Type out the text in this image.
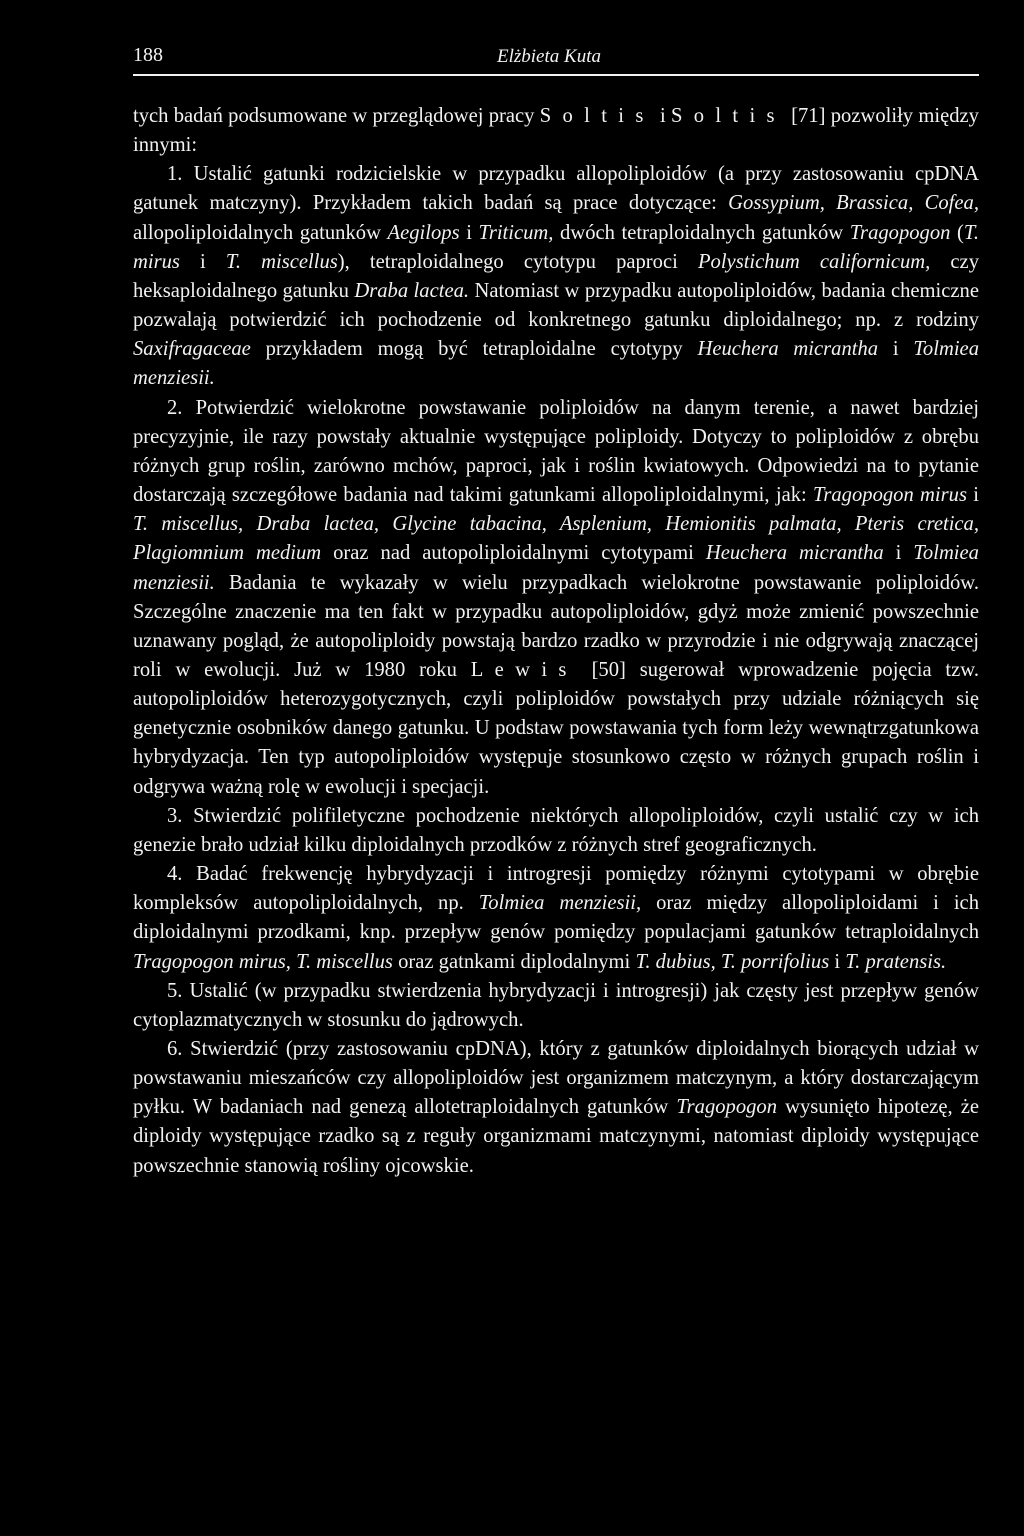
188	Elżbieta Kuta

tych badań podsumowane w przeglądowej pracy Soltis i Soltis [71] pozwoliły między innymi:

1. Ustalić gatunki rodzicielskie w przypadku allopoliploidów (a przy zastosowaniu cpDNA gatunek matczyny). Przykładem takich badań są prace dotyczące: Gossypium, Brassica, Cofea, allopoliploidalnych gatunków Aegilops i Triticum, dwóch tetraploidalnych gatunków Tragopogon (T. mirus i T. miscellus), tetraploidalnego cytotypu paproci Polystichum californicum, czy heksaploidalnego gatunku Draba lactea. Natomiast w przypadku autopoliploidów, badania chemiczne pozwalają potwierdzić ich pochodzenie od konkretnego gatunku diploidalnego; np. z rodziny Saxifragaceae przykładem mogą być tetraploidalne cytotypy Heuchera micrantha i Tolmiea menziesii.

2. Potwierdzić wielokrotne powstawanie poliploidów na danym terenie, a nawet bardziej precyzyjnie, ile razy powstały aktualnie występujące poliploidy. Dotyczy to poliploidów z obrębu różnych grup roślin, zarówno mchów, paproci, jak i roślin kwiatowych. Odpowiedzi na to pytanie dostarczają szczegółowe badania nad takimi gatunkami allopoliploidalnymi, jak: Tragopogon mirus i T. miscellus, Draba lactea, Glycine tabacina, Asplenium, Hemionitis palmata, Pteris cretica, Plagiomnium medium oraz nad autopoliploidalnymi cytotypami Heuchera micrantha i Tolmiea menziesii. Badania te wykazały w wielu przypadkach wielokrotne powstawanie poliploidów. Szczególne znaczenie ma ten fakt w przypadku autopoliploidów, gdyż może zmienić powszechnie uznawany pogląd, że autopoliploidy powstają bardzo rzadko w przyrodzie i nie odgrywają znaczącej roli w ewolucji. Już w 1980 roku Lewis [50] sugerował wprowadzenie pojęcia tzw. autopoliploidów heterozygotycznych, czyli poliploidów powstałych przy udziale różniących się genetycznie osobników danego gatunku. U podstaw powstawania tych form leży wewnątrzgatunkowa hybrydyzacja. Ten typ autopoliploidów występuje stosunkowo często w różnych grupach roślin i odgrywa ważną rolę w ewolucji i specjacji.

3. Stwierdzić polifiletyczne pochodzenie niektórych allopoliploidów, czyli ustalić czy w ich genezie brało udział kilku diploidalnych przodków z różnych stref geograficznych.

4. Badać frekwencję hybrydyzacji i introgresji pomiędzy różnymi cytotypami w obrębie kompleksów autopoliploidalnych, np. Tolmiea menziesii, oraz między allopoliploidami i ich diploidalnymi przodkami, knp. przepływ genów pomiędzy populacjami gatunków tetraploidalnych Tragopogon mirus, T. miscellus oraz gatnkami diplodalnymi T. dubius, T. porrifolius i T. pratensis.

5. Ustalić (w przypadku stwierdzenia hybrydyzacji i introgresji) jak częsty jest przepływ genów cytoplazmatycznych w stosunku do jądrowych.

6. Stwierdzić (przy zastosowaniu cpDNA), który z gatunków diploidalnych biorących udział w powstawaniu mieszańców czy allopoliploidów jest organizmem matczynym, a który dostarczającym pyłku. W badaniach nad genezą allotetraploidalnych gatunków Tragopogon wysunięto hipotezę, że diploidy występujące rzadko są z reguły organizmami matczynymi, natomiast diploidy występujące powszechnie stanowią rośliny ojcowskie.
